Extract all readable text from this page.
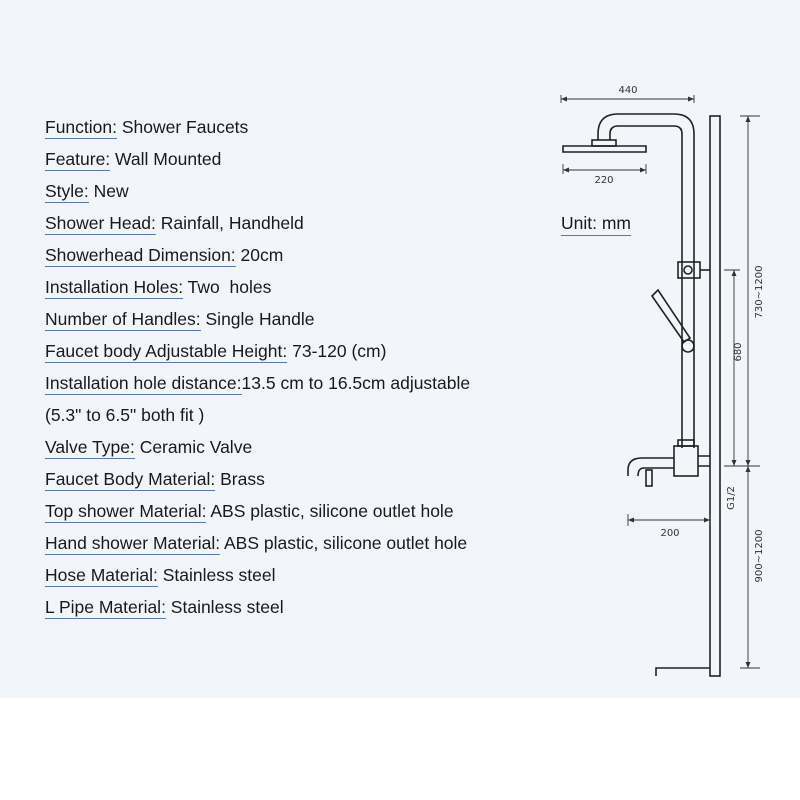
Function: Shower Faucets
Feature: Wall Mounted
Style: New
Shower Head: Rainfall, Handheld
Showerhead Dimension: 20cm
Installation Holes: Two  holes
Number of Handles: Single Handle
Faucet body Adjustable Height: 73-120 (cm)
Installation hole distance:13.5 cm to 16.5cm adjustable
(5.3" to 6.5" both fit )
Valve Type: Ceramic Valve
Faucet Body Material: Brass
Top shower Material: ABS plastic, silicone outlet hole
Hand shower Material: ABS plastic, silicone outlet hole
Hose Material: Stainless steel
L Pipe Material: Stainless steel
Unit: mm
440
220
730~1200
680
G1/2
200	900~1200
